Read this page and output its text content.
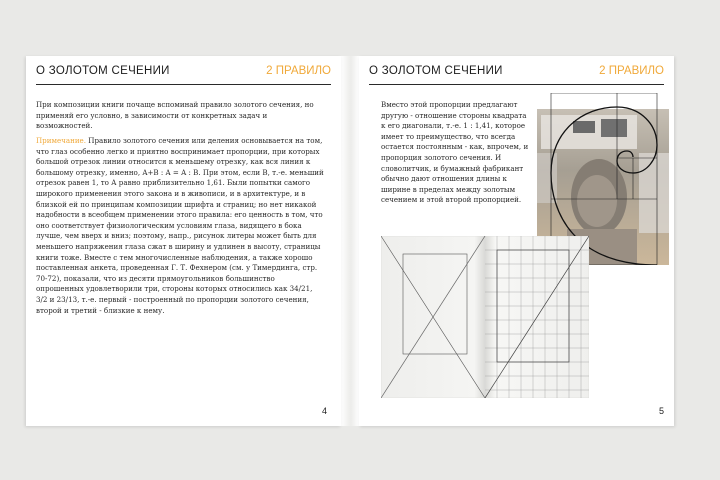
О ЗОЛОТОМ СЕЧЕНИИ	2 ПРАВИЛО

При композиции книги почаще вспоминай правило золотого сечения, но применяй его условно, в зависимости от конкретных задач и возможностей.

Примечание. Правило золотого сечения или деления основывается на том, что глаз особенно легко и приятно воспринимает пропорции, при которых большой отрезок линии относится к меньшему отрезку, как вся линия к большому отрезку, именно, A+B : A = A : B. При этом, если В, т.-е. меньший отрезок равен 1, то А равно приблизительно 1,61. Были попытки самого широкого применения этого закона и в живописи, и в архитектуре, и в близкой ей по принципам композиции шрифта и страниц; но нет никакой надобности в всеобщем применении этого правила: его ценность в том, что оно соответствует физиологическим условиям глаза, видящего в бока лучше, чем вверх и вниз; поэтому, напр., рисунок литеры может быть для меньшего напряжения глаза сжат в ширину и удлинен в высоту, страницы книги тоже. Вместе с тем многочисленные наблюдения, а также хорошо поставленная анкета, проведенная Г. Т. Фехнером (см. у Тимердинга, стр. 70-72), показали, что из десяти прямоугольников большинство опрошенных удовлетворили три, стороны которых относились как 34/21, 3/2 и 23/13, т.-е. первый - построенный по пропорции золотого сечения, второй и третий - близкие к нему.

4
О ЗОЛОТОМ СЕЧЕНИИ	2 ПРАВИЛО

Вместо этой пропорции предлагают другую - отношение стороны квадрата к его диагонали, т.-е. 1 : 1,41, которое имеет то преимущество, что всегда остается постоянным - как, впрочем, и пропорция золотого сечения. И словолитчик, и бумажный фабрикант обычно дают отношения длины к ширине в пределах между золотым сечением и этой второй пропорцией.

5
